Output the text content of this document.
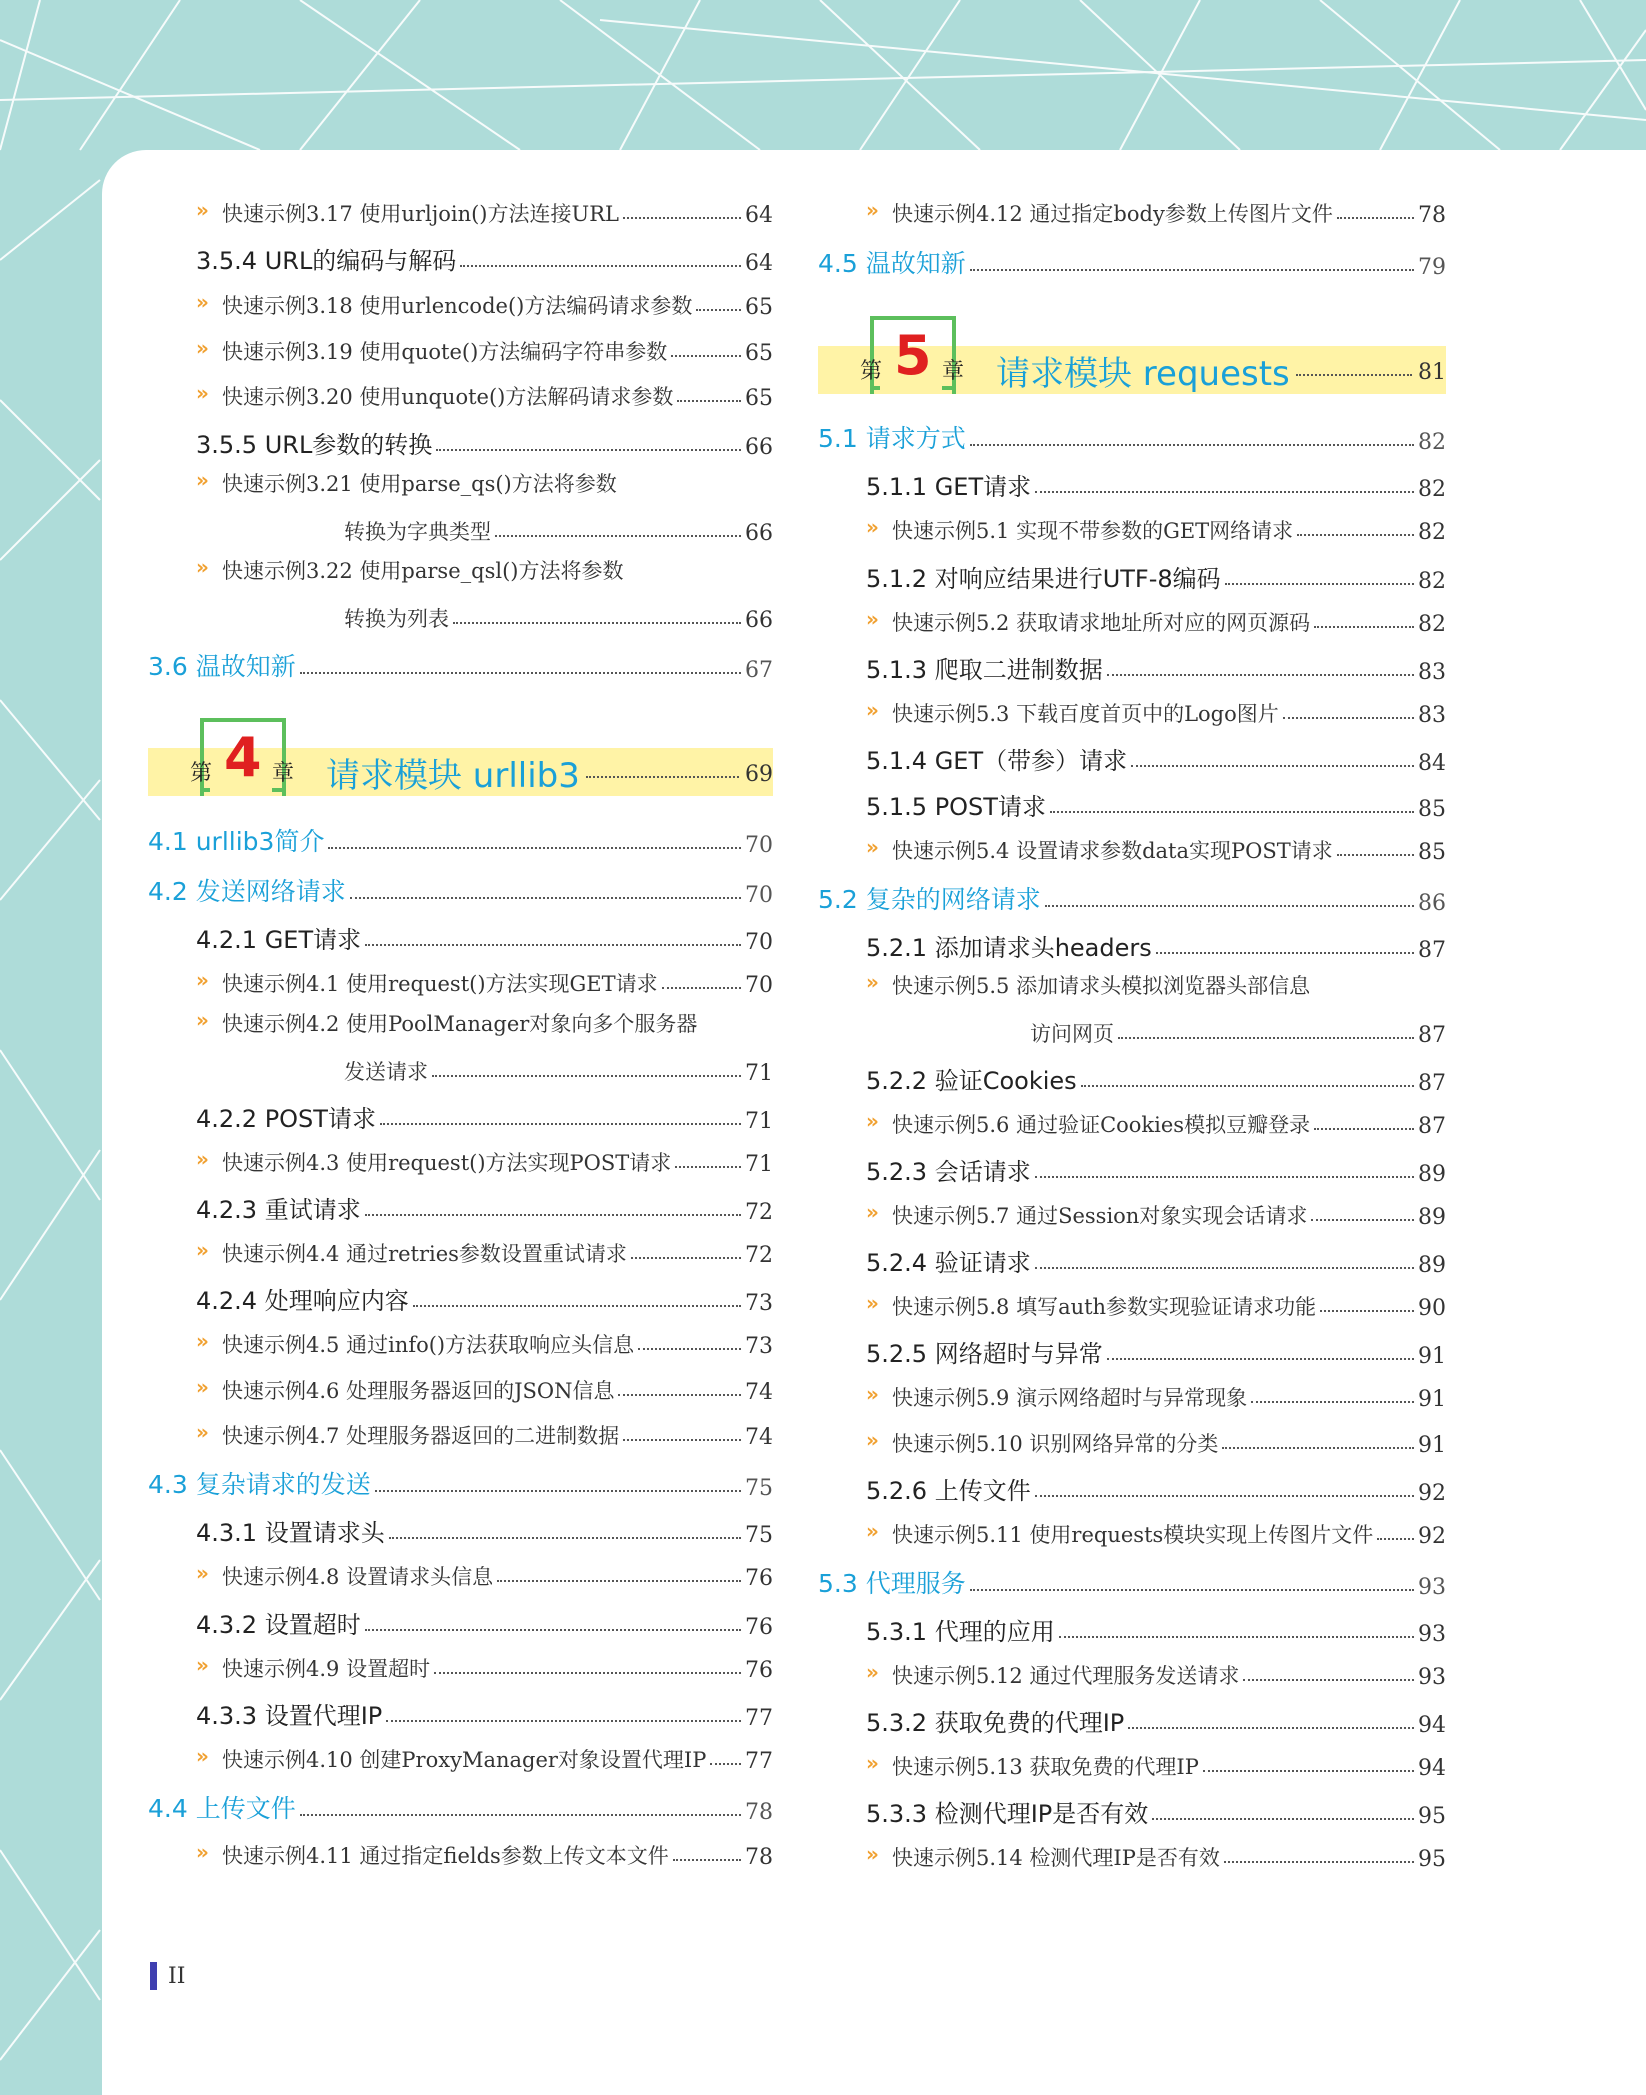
快速示例3.17 使用urljoin()方法连接URL	64
»
3.5.4 URL的编码与解码	64
快速示例3.18 使用urlencode()方法编码请求参数 65
»
快速示例3.19 使用quote()方法编码字符串参数	65
»
快速示例3.20 使用unquote()方法解码请求参数	65
»
3.5.5 URL参数的转换	66
» 快速示例3.21 使用parse_qs()方法将参数
转换为字典类型	66
» 快速示例3.22 使用parse_qsl()方法将参数
转换为列表	66
3.6 温故知新	67
第 4 章 请求模块 urllib3	69
4.1 urllib3简介	70
4.2 发送网络请求	70
4.2.1 GET请求	70
快速示例4.1 使用request()方法实现GET请求	70
»
» 快速示例4.2 使用PoolManager对象向多个服务器
发送请求	71
4.2.2 POST请求	71
快速示例4.3 使用request()方法实现POST请求	71
»
4.2.3 重试请求	72
快速示例4.4 通过retries参数设置重试请求	72
»
4.2.4 处理响应内容	73
快速示例4.5 通过info()方法获取响应头信息	73
»
快速示例4.6 处理服务器返回的JSON信息	74
»
快速示例4.7 处理服务器返回的二进制数据	74
»
4.3 复杂请求的发送	75
4.3.1 设置请求头	75
快速示例4.8 设置请求头信息	76
»
4.3.2 设置超时	76
快速示例4.9 设置超时	76
»
4.3.3 设置代理IP	77
快速示例4.10 创建ProxyManager对象设置代理IP 77
»
4.4 上传文件	78
快速示例4.11 通过指定fields参数上传文本文件	78
»
快速示例4.12 通过指定body参数上传图片文件	78
»
4.5 温故知新	79
第 5 章 请求模块 requests	81
5.1 请求方式	82
5.1.1 GET请求	82
快速示例5.1 实现不带参数的GET网络请求	82
»
5.1.2 对响应结果进行UTF-8编码	82
快速示例5.2 获取请求地址所对应的网页源码	82
»
5.1.3 爬取二进制数据	83
快速示例5.3 下载百度首页中的Logo图片	83
»
5.1.4 GET（带参）请求	84
5.1.5 POST请求	85
快速示例5.4 设置请求参数data实现POST请求	85
»
5.2 复杂的网络请求	86
5.2.1 添加请求头headers	87
» 快速示例5.5 添加请求头模拟浏览器头部信息
访问网页	87
5.2.2 验证Cookies	87
快速示例5.6 通过验证Cookies模拟豆瓣登录	87
»
5.2.3 会话请求	89
快速示例5.7 通过Session对象实现会话请求	89
»
5.2.4 验证请求	89
快速示例5.8 填写auth参数实现验证请求功能	90
»
5.2.5 网络超时与异常	91
快速示例5.9 演示网络超时与异常现象	91
»
快速示例5.10 识别网络异常的分类	91
»
5.2.6 上传文件	92
快速示例5.11 使用requests模块实现上传图片文件 92
»
5.3 代理服务	93
5.3.1 代理的应用	93
快速示例5.12 通过代理服务发送请求	93
»
5.3.2 获取免费的代理IP	94
快速示例5.13 获取免费的代理IP	94
»
5.3.3 检测代理IP是否有效	95
快速示例5.14 检测代理IP是否有效	95
»
II
